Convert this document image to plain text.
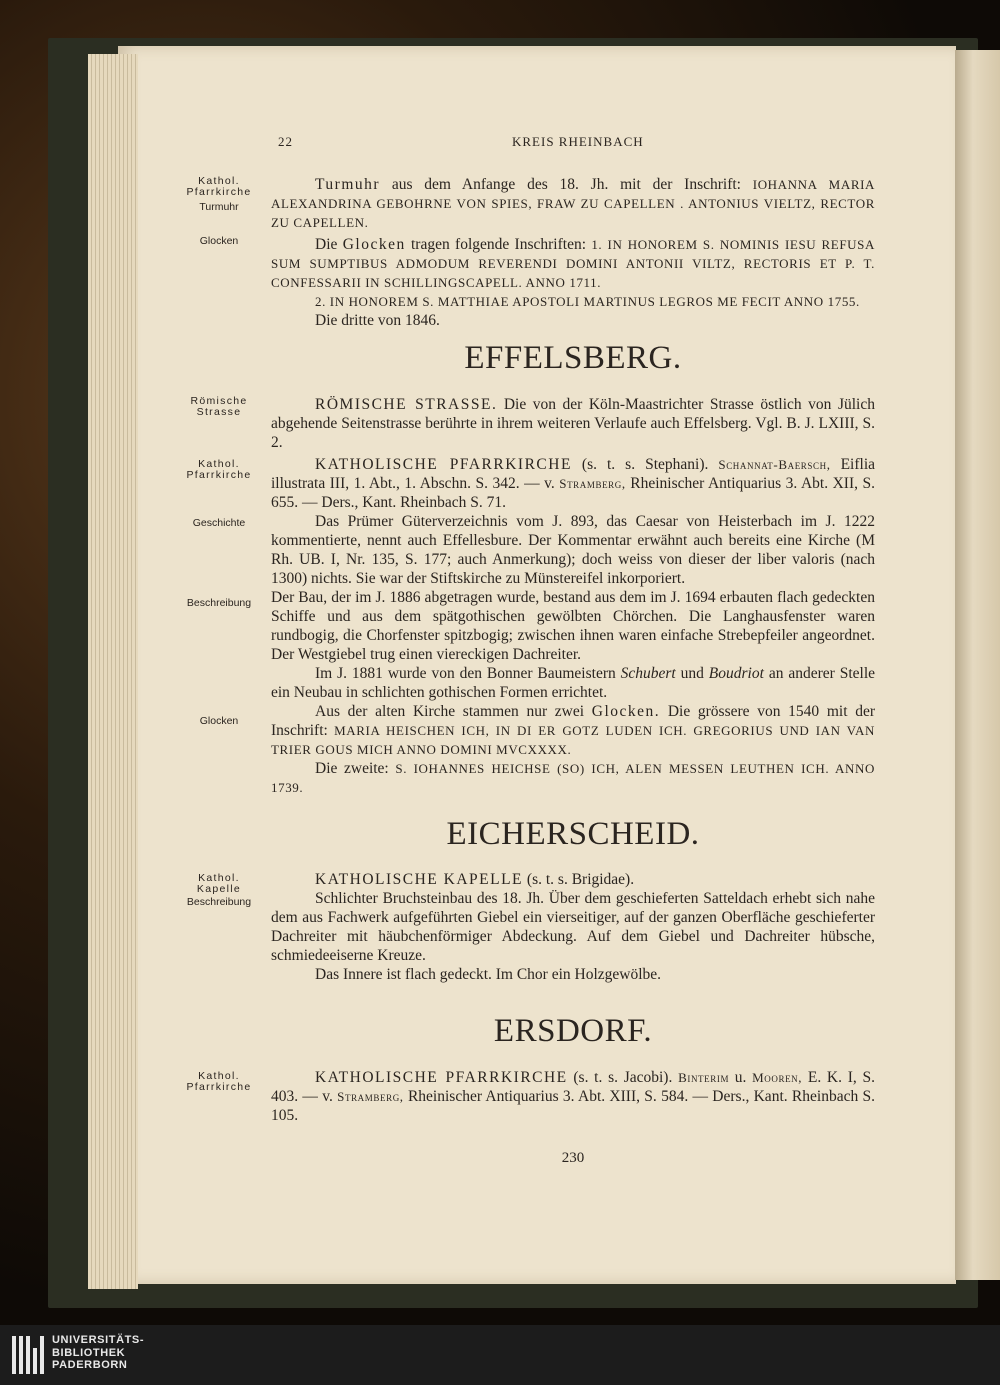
22	KREIS RHEINBACH
Kathol. Pfarrkirche
Turmuhr
Glocken
Römische Strasse
Kathol. Pfarrkirche
Geschichte
Beschreibung
Glocken
Kathol. Kapelle
Beschreibung
Kathol. Pfarrkirche

Turmuhr aus dem Anfange des 18. Jh. mit der Inschrift: IOHANNA MARIA ALEXANDRINA GEBOHRNE VON SPIES, FRAW ZU CAPELLEN . ANTONIUS VIELTZ, RECTOR ZU CAPELLEN.

Die Glocken tragen folgende Inschriften: 1. IN HONOREM S. NOMINIS IESU REFUSA SUM SUMPTIBUS ADMODUM REVERENDI DOMINI ANTONII VILTZ, RECTORIS ET P. T. CONFESSARII IN SCHILLINGSCAPELL. ANNO 1711.

2. IN HONOREM S. MATTHIAE APOSTOLI MARTINUS LEGROS ME FECIT ANNO 1755.

Die dritte von 1846.

EFFELSBERG.

RÖMISCHE STRASSE. Die von der Köln-Maastrichter Strasse östlich von Jülich abgehende Seitenstrasse berührte in ihrem weiteren Verlaufe auch Effelsberg. Vgl. B. J. LXIII, S. 2.

KATHOLISCHE PFARRKIRCHE (s. t. s. Stephani). Schannat-Baersch, Eiflia illustrata III, 1. Abt., 1. Abschn. S. 342. — v. Stramberg, Rheinischer Antiquarius 3. Abt. XII, S. 655. — Ders., Kant. Rheinbach S. 71.

Das Prümer Güterverzeichnis vom J. 893, das Caesar von Heisterbach im J. 1222 kommentierte, nennt auch Effellesbure. Der Kommentar erwähnt auch bereits eine Kirche (M Rh. UB. I, Nr. 135, S. 177; auch Anmerkung); doch weiss von dieser der liber valoris (nach 1300) nichts. Sie war der Stiftskirche zu Münstereifel inkorporiert.

Der Bau, der im J. 1886 abgetragen wurde, bestand aus dem im J. 1694 erbauten flach gedeckten Schiffe und aus dem spätgothischen gewölbten Chörchen. Die Langhausfenster waren rundbogig, die Chorfenster spitzbogig; zwischen ihnen waren einfache Strebepfeiler angeordnet. Der Westgiebel trug einen viereckigen Dachreiter.

Im J. 1881 wurde von den Bonner Baumeistern Schubert und Boudriot an anderer Stelle ein Neubau in schlichten gothischen Formen errichtet.

Aus der alten Kirche stammen nur zwei Glocken. Die grössere von 1540 mit der Inschrift: MARIA HEISCHEN ICH, IN DI ER GOTZ LUDEN ICH. GREGORIUS UND IAN VAN TRIER GOUS MICH ANNO DOMINI MVCXXXX.

Die zweite: S. IOHANNES HEICHSE (SO) ICH, ALEN MESSEN LEUTHEN ICH. ANNO 1739.

EICHERSCHEID.

KATHOLISCHE KAPELLE (s. t. s. Brigidae).

Schlichter Bruchsteinbau des 18. Jh. Über dem geschieferten Satteldach erhebt sich nahe dem aus Fachwerk aufgeführten Giebel ein vierseitiger, auf der ganzen Oberfläche geschieferter Dachreiter mit häubchenförmiger Abdeckung. Auf dem Giebel und Dachreiter hübsche, schmiedeeiserne Kreuze.

Das Innere ist flach gedeckt. Im Chor ein Holzgewölbe.

ERSDORF.

KATHOLISCHE PFARRKIRCHE (s. t. s. Jacobi). Binterim u. Mooren, E. K. I, S. 403. — v. Stramberg, Rheinischer Antiquarius 3. Abt. XIII, S. 584. — Ders., Kant. Rheinbach S. 105.

230
UNIVERSITÄTS-
BIBLIOTHEK
PADERBORN
